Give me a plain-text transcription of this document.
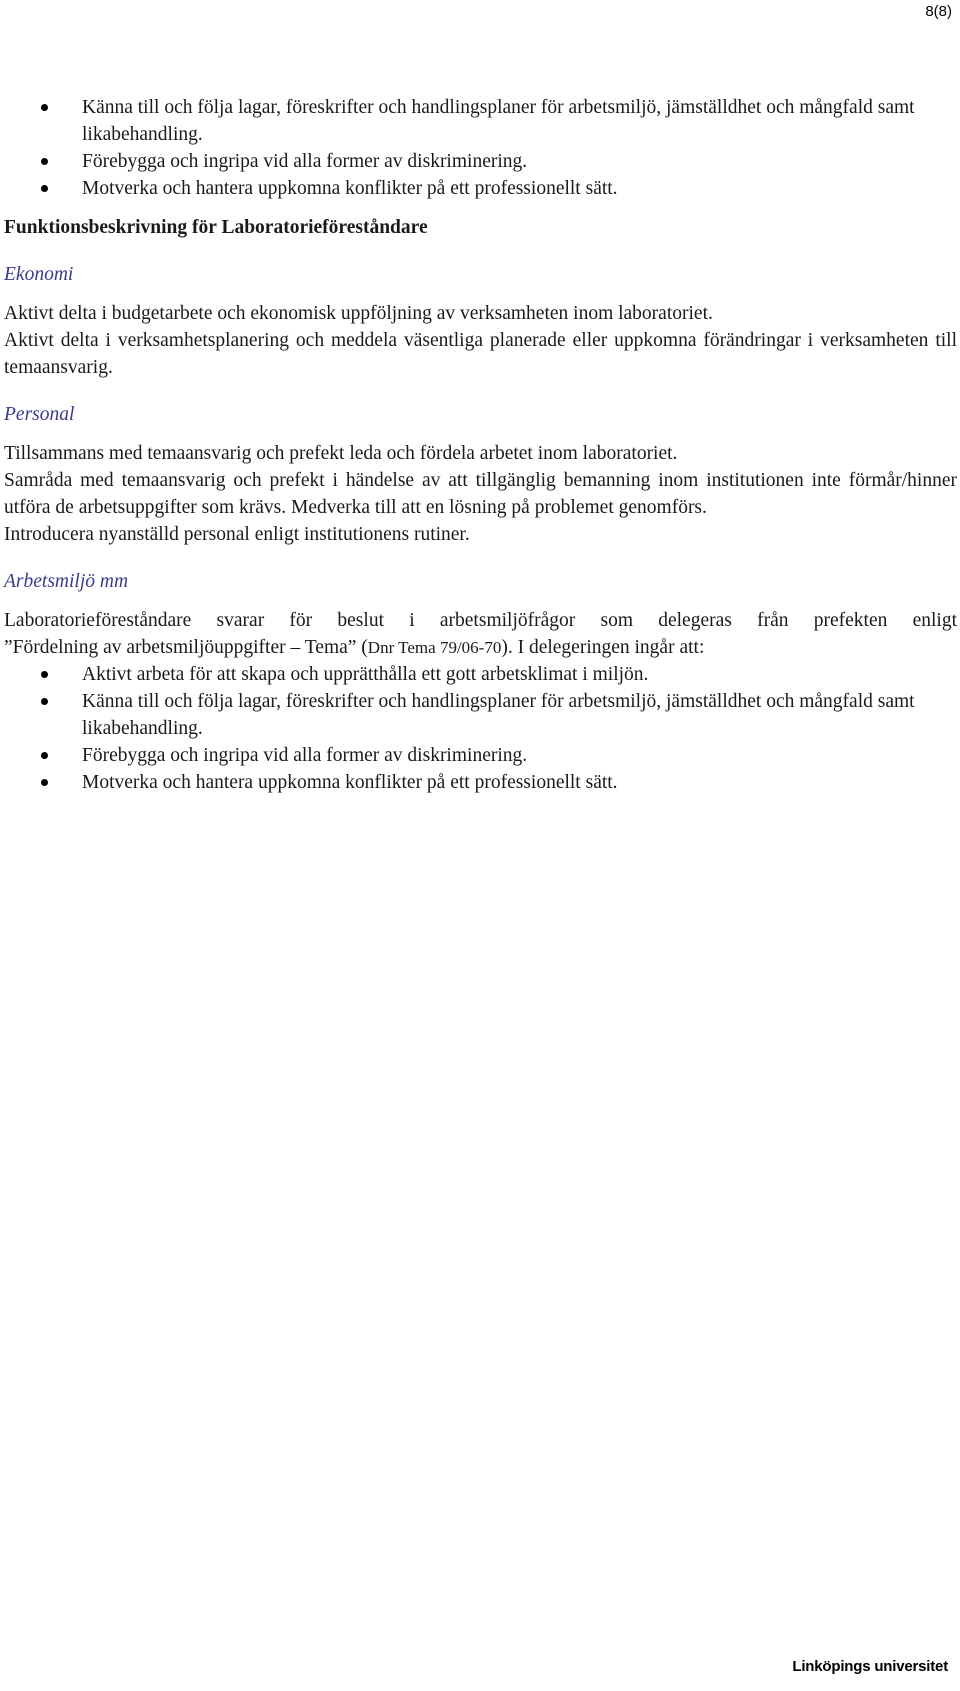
8(8)
Känna till och följa lagar, föreskrifter och handlingsplaner för arbetsmiljö, jämställdhet och mångfald samt likabehandling.
Förebygga och ingripa vid alla former av diskriminering.
Motverka och hantera uppkomna konflikter på ett professionellt sätt.

Funktionsbeskrivning för Laboratorieföreståndare

Ekonomi

Aktivt delta i budgetarbete och ekonomisk uppföljning av verksamheten inom laboratoriet.

Aktivt delta i verksamhetsplanering och meddela väsentliga planerade eller uppkomna förändringar i verksamheten till temaansvarig.

Personal

Tillsammans med temaansvarig och prefekt leda och fördela arbetet inom laboratoriet.

Samråda med temaansvarig och prefekt i händelse av att tillgänglig bemanning inom institutionen inte förmår/hinner utföra de arbetsuppgifter som krävs. Medverka till att en lösning på problemet genomförs.

Introducera nyanställd personal enligt institutionens rutiner.

Arbetsmiljö mm

Laboratorieföreståndare svarar för beslut i arbetsmiljöfrågor som delegeras från prefekten enligt

”Fördelning av arbetsmiljöuppgifter – Tema” (Dnr Tema 79/06-70). I delegeringen ingår att:

Aktivt arbeta för att skapa och upprätthålla ett gott arbetsklimat i miljön.
Känna till och följa lagar, föreskrifter och handlingsplaner för arbetsmiljö, jämställdhet och mångfald samt likabehandling.
Förebygga och ingripa vid alla former av diskriminering.
Motverka och hantera uppkomna konflikter på ett professionellt sätt.
Linköpings universitet
